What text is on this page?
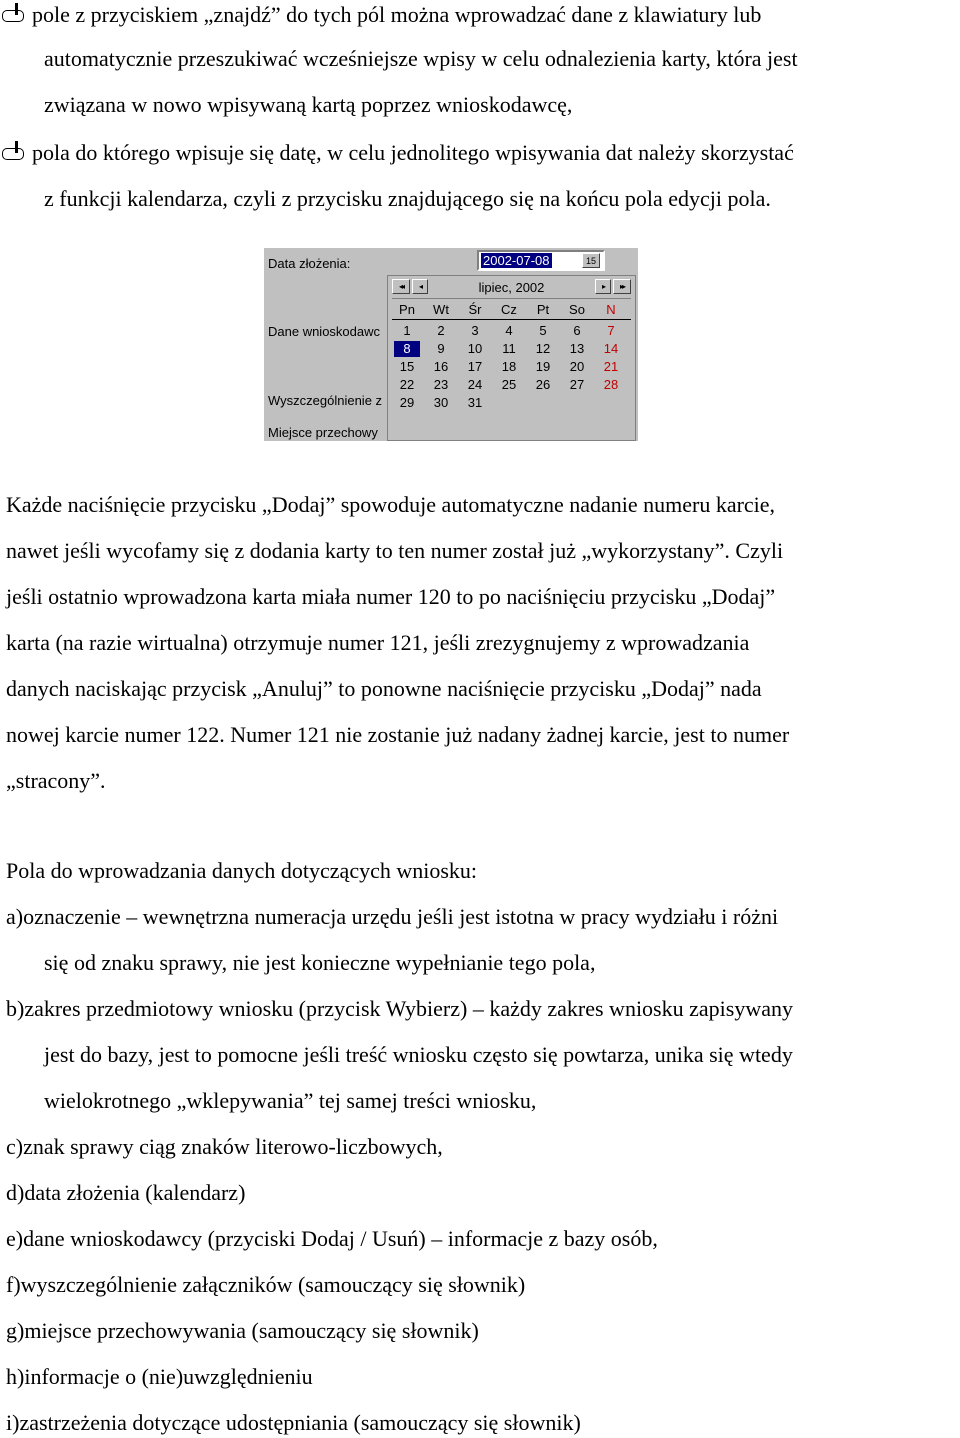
pole z przyciskiem „znajdź” do tych pól można wprowadzać dane z klawiatury lub
automatycznie przeszukiwać wcześniejsze wpisy w celu odnalezienia karty, która jest
związana w nowo wpisywaną kartą poprzez wnioskodawcę,
pola do którego wpisuje się datę, w celu jednolitego wpisywania dat należy skorzystać
z funkcji kalendarza, czyli z przycisku znajdującego się na końcu pola edycji pola.
Data złożenia:
Dane wnioskodawc
Wyszczególnienie z
Miejsce przechowy
2002-07-08	15
◂◂	◂	lipiec, 2002	▸	▸▸
Pn	Wt	Śr	Cz	Pt	So	N
1	2	3	4	5	6	7
8	9	10	11	12	13	14
15	16	17	18	19	20	21
22	23	24	25	26	27	28
29	30	31
Każde naciśnięcie przycisku „Dodaj” spowoduje automatyczne nadanie numeru karcie,
nawet jeśli wycofamy się z dodania karty to ten numer został już „wykorzystany”. Czyli
jeśli ostatnio wprowadzona karta miała numer 120 to po naciśnięciu przycisku „Dodaj”
karta (na razie wirtualna) otrzymuje numer 121, jeśli zrezygnujemy z wprowadzania
danych naciskając przycisk „Anuluj” to ponowne naciśnięcie przycisku „Dodaj” nada
nowej karcie numer 122. Numer 121 nie zostanie już nadany żadnej karcie, jest to numer
„stracony”.
Pola do wprowadzania danych dotyczących wniosku:
a)oznaczenie – wewnętrzna numeracja urzędu jeśli jest istotna w pracy wydziału i różni
się od znaku sprawy, nie jest konieczne wypełnianie tego pola,
b)zakres przedmiotowy wniosku (przycisk Wybierz) – każdy zakres wniosku zapisywany
jest do bazy, jest to pomocne jeśli treść wniosku często się powtarza, unika się wtedy
wielokrotnego „wklepywania” tej samej treści wniosku,
c)znak sprawy ciąg znaków literowo-liczbowych,
d)data złożenia (kalendarz)
e)dane wnioskodawcy (przyciski Dodaj / Usuń) – informacje z bazy osób,
f)wyszczególnienie załączników (samouczący się słownik)
g)miejsce przechowywania (samouczący się słownik)
h)informacje o (nie)uwzględnieniu
i)zastrzeżenia dotyczące udostępniania (samouczący się słownik)
